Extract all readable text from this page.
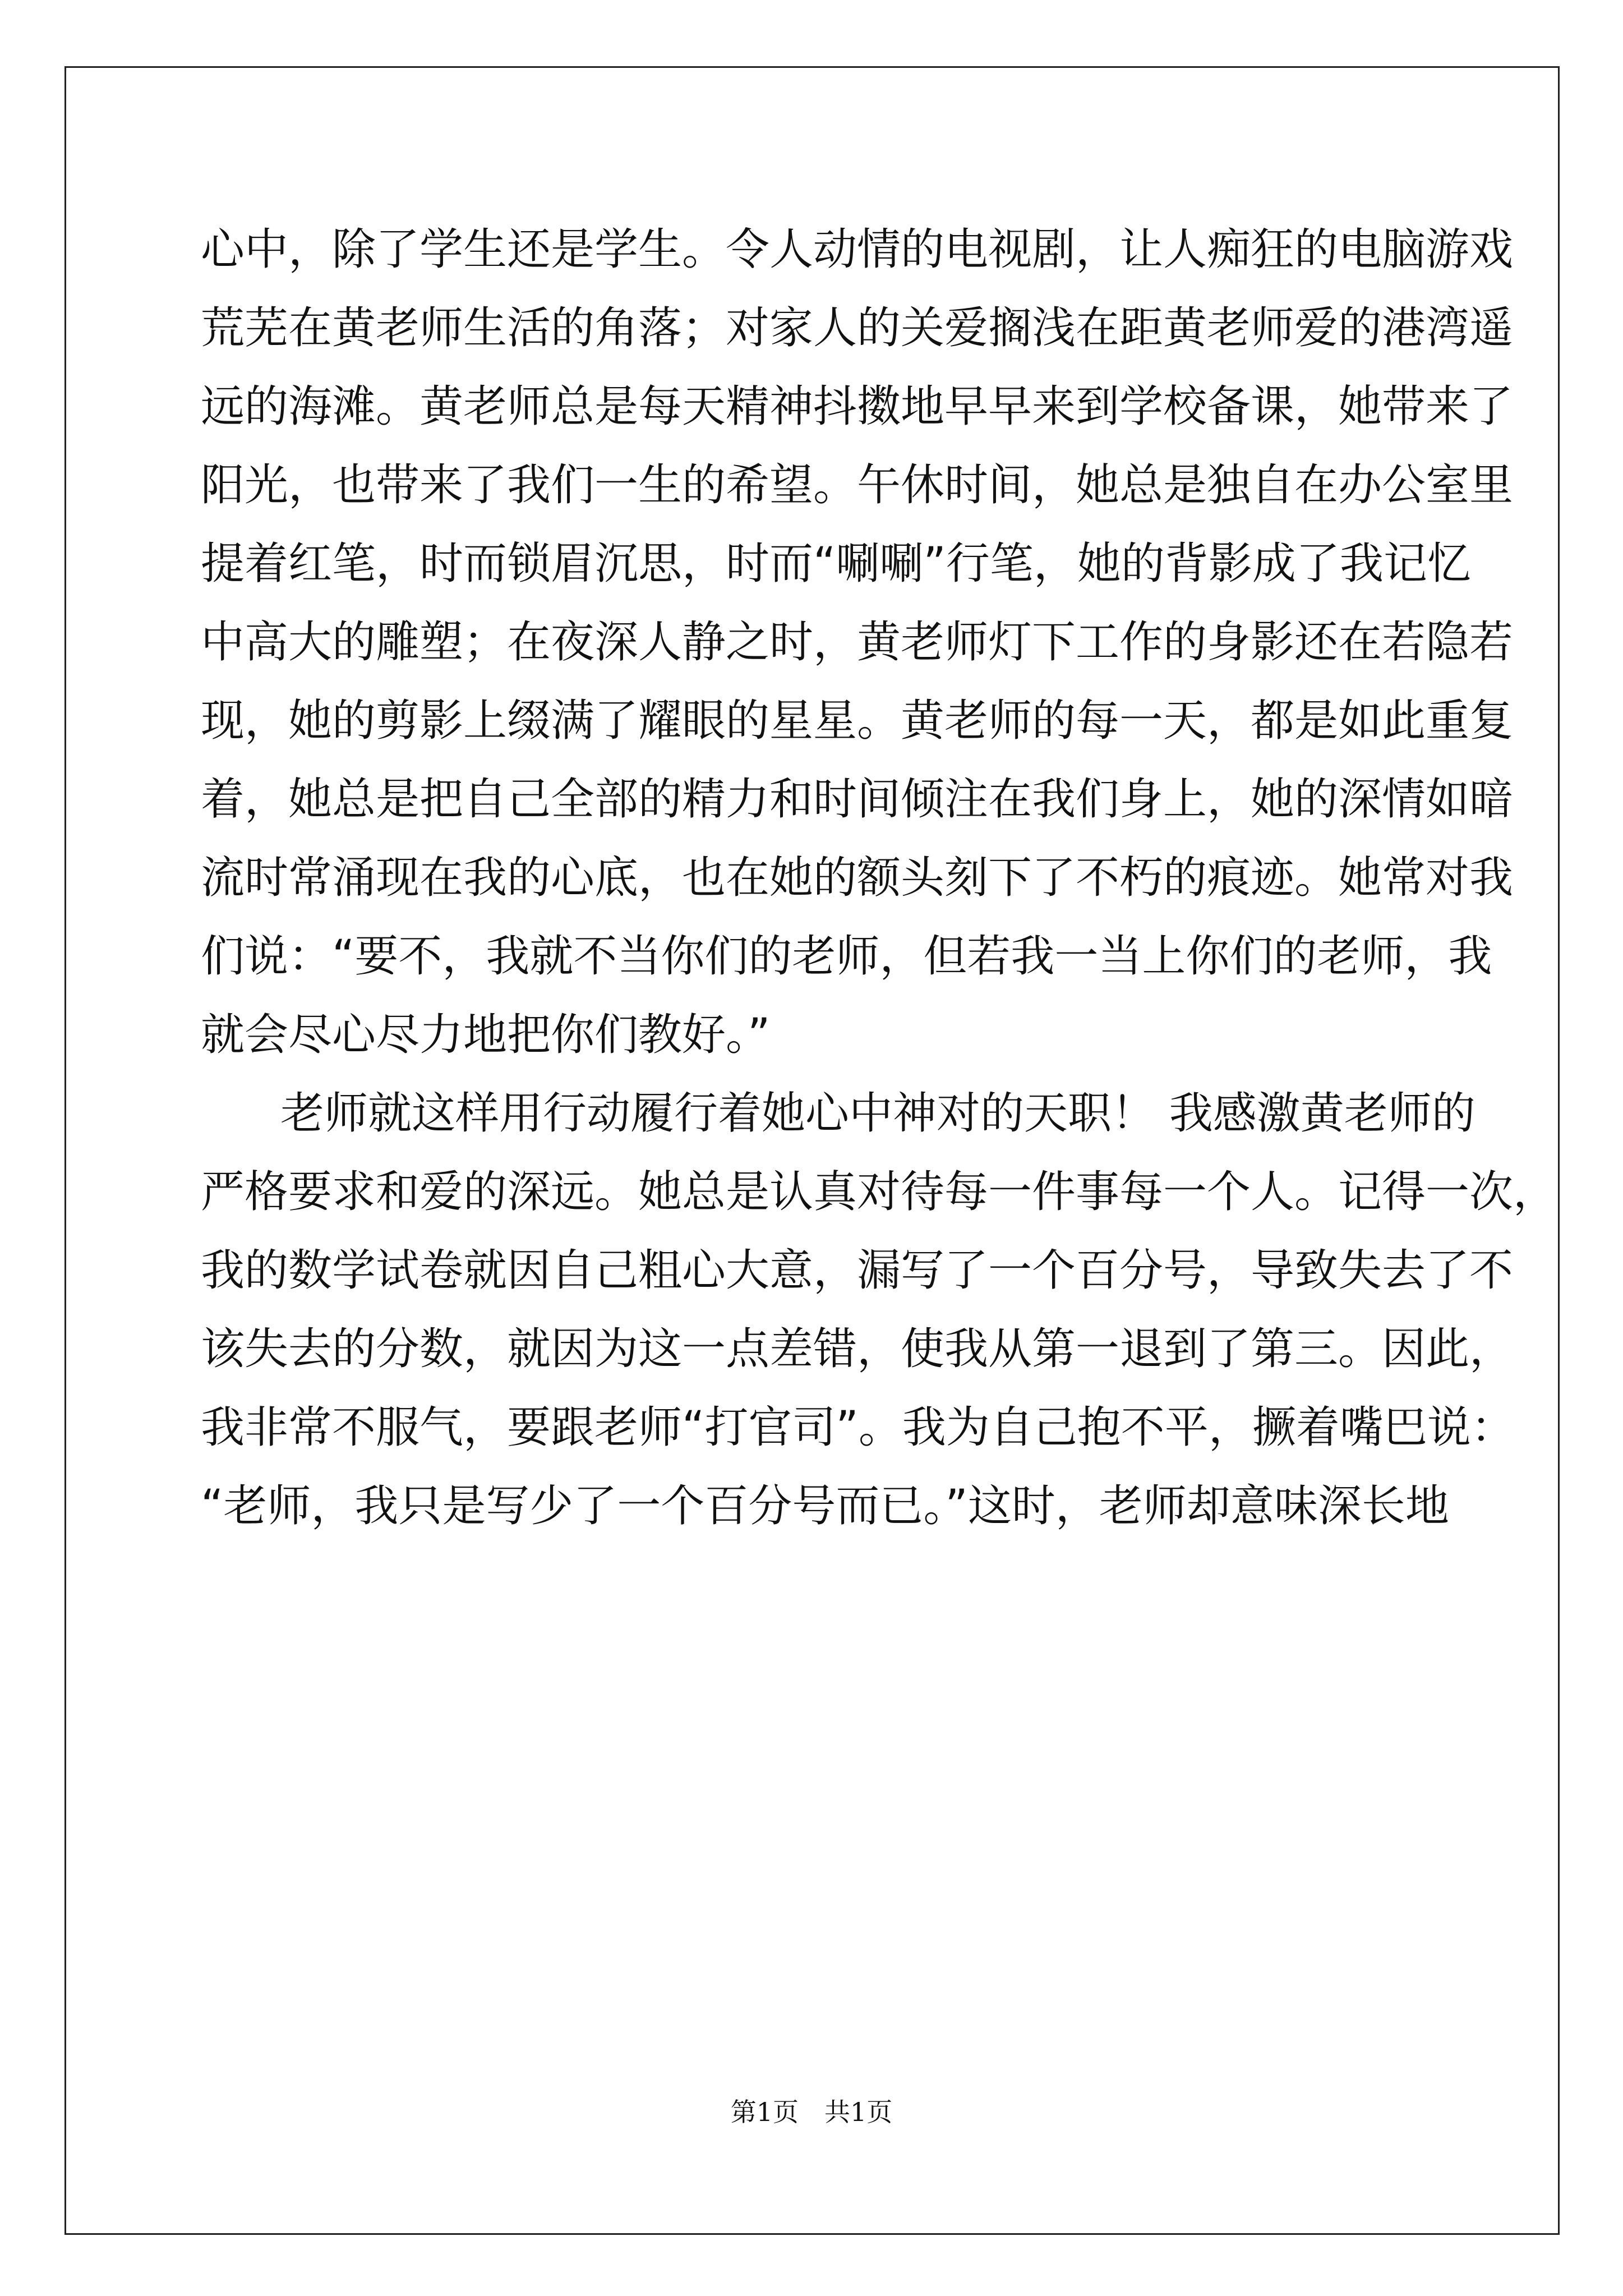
心中，除了学生还是学生。令人动情的电视剧，让人痴狂的电脑游戏
荒芜在黄老师生活的角落；对家人的关爱搁浅在距黄老师爱的港湾遥
远的海滩。黄老师总是每天精神抖擞地早早来到学校备课，她带来了
阳光，也带来了我们一生的希望。午休时间，她总是独自在办公室里
提着红笔，时而锁眉沉思，时而“唰唰”行笔，她的背影成了我记忆
中高大的雕塑；在夜深人静之时，黄老师灯下工作的身影还在若隐若
现，她的剪影上缀满了耀眼的星星。黄老师的每一天，都是如此重复
着，她总是把自己全部的精力和时间倾注在我们身上，她的深情如暗
流时常涌现在我的心底，也在她的额头刻下了不朽的痕迹。她常对我
们说：“要不，我就不当你们的老师，但若我一当上你们的老师，我
就会尽心尽力地把你们教好。”
老师就这样用行动履行着她心中神对的天职！ 我感激黄老师的
严格要求和爱的深远。她总是认真对待每一件事每一个人。记得一次，
我的数学试卷就因自己粗心大意，漏写了一个百分号，导致失去了不
该失去的分数，就因为这一点差错，使我从第一退到了第三。因此，
我非常不服气，要跟老师“打官司”。我为自己抱不平，撅着嘴巴说：
“老师，我只是写少了一个百分号而已。”这时，老师却意味深长地
第1页 共1页
